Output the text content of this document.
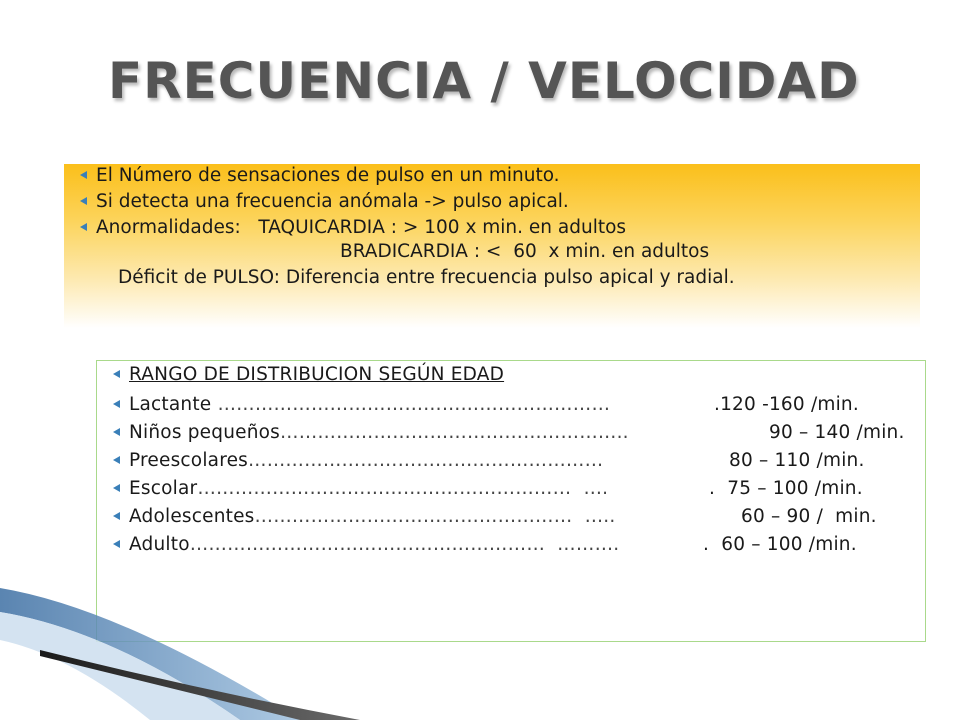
FRECUENCIA / VELOCIDAD
El Número de sensaciones de pulso en un minuto.
Si detecta una frecuencia anómala -> pulso apical.
Anormalidades:   TAQUICARDIA : > 100 x min. en adultos
BRADICARDIA : <  60  x min. en adultos
Déficit de PULSO: Diferencia entre frecuencia pulso apical y radial.
RANGO DE DISTRIBUCION SEGÚN EDAD
Lactante ………………………………………………………	.120 -160 /min.
Niños pequeños………………………………………………..	90 – 140 /min.
Preescolares…………………………………………………	80 – 110 /min.
Escolar……………………………………………………  ….	.  75 – 100 /min.
Adolescentes……………………………………………  …..	60 – 90 /  min.
Adulto…………………………………………………  ……….	.  60 – 100 /min.
